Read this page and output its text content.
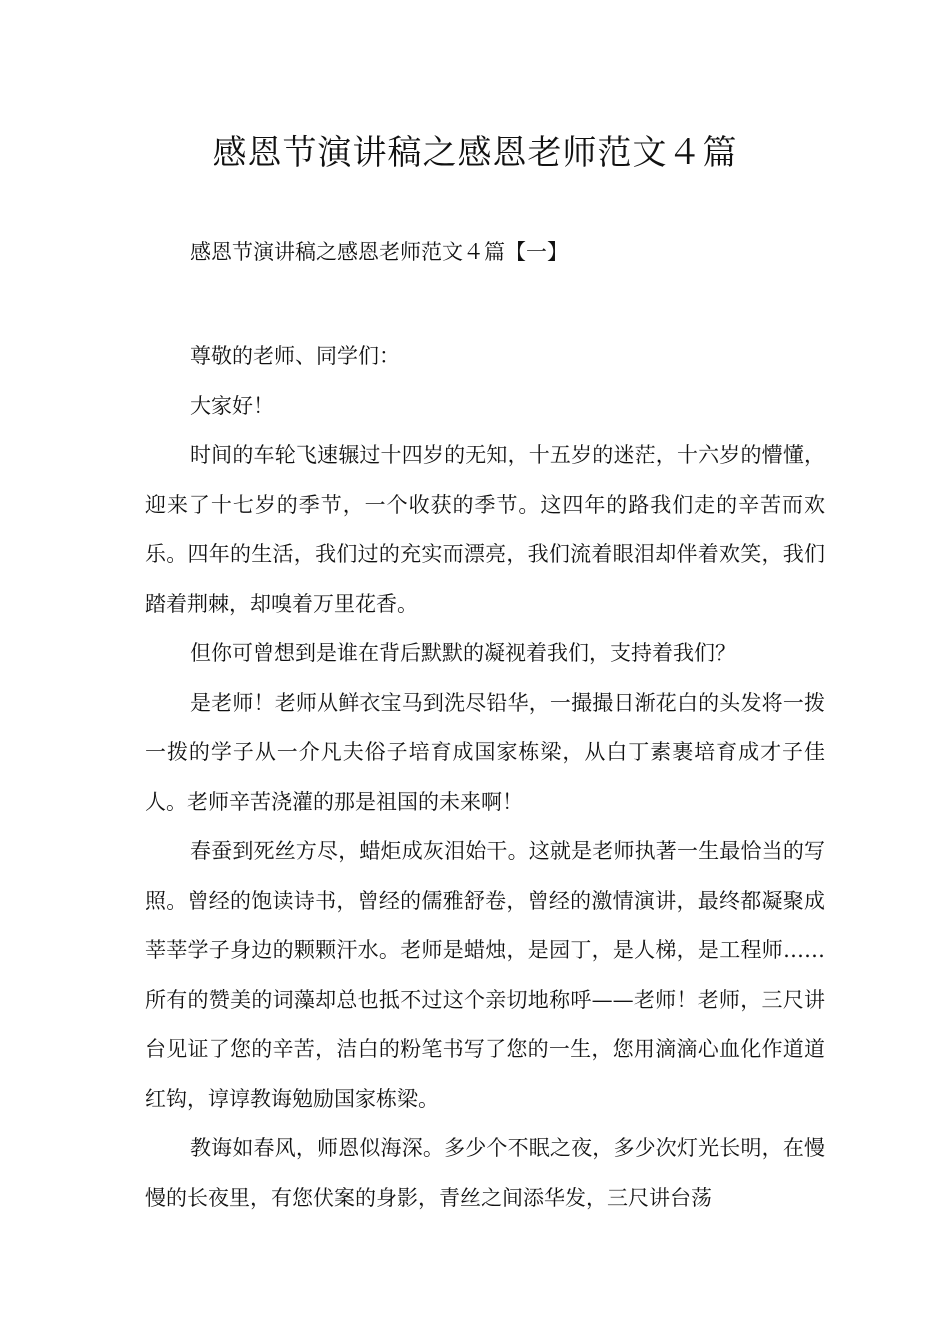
感恩节演讲稿之感恩老师范文４篇
感恩节演讲稿之感恩老师范文４篇【一】

尊敬的老师、同学们：

大家好！

时间的车轮飞速辗过十四岁的无知，十五岁的迷茫，十六岁的懵懂，迎来了十七岁的季节，一个收获的季节。这四年的路我们走的辛苦而欢乐。四年的生活，我们过的充实而漂亮，我们流着眼泪却伴着欢笑，我们踏着荆棘，却嗅着万里花香。

但你可曾想到是谁在背后默默的凝视着我们，支持着我们？

是老师！老师从鲜衣宝马到洗尽铅华，一撮撮日渐花白的头发将一拨一拨的学子从一介凡夫俗子培育成国家栋梁，从白丁素裹培育成才子佳人。老师辛苦浇灌的那是祖国的未来啊！

春蚕到死丝方尽，蜡炬成灰泪始干。这就是老师执著一生最恰当的写照。曾经的饱读诗书，曾经的儒雅舒卷，曾经的激情演讲，最终都凝聚成莘莘学子身边的颗颗汗水。老师是蜡烛，是园丁，是人梯，是工程师……所有的赞美的词藻却总也抵不过这个亲切地称呼——老师！老师，三尺讲台见证了您的辛苦，洁白的粉笔书写了您的一生，您用滴滴心血化作道道红钩，谆谆教诲勉励国家栋梁。

教诲如春风，师恩似海深。多少个不眠之夜，多少次灯光长明，在慢慢的长夜里，有您伏案的身影，青丝之间添华发，三尺讲台荡
